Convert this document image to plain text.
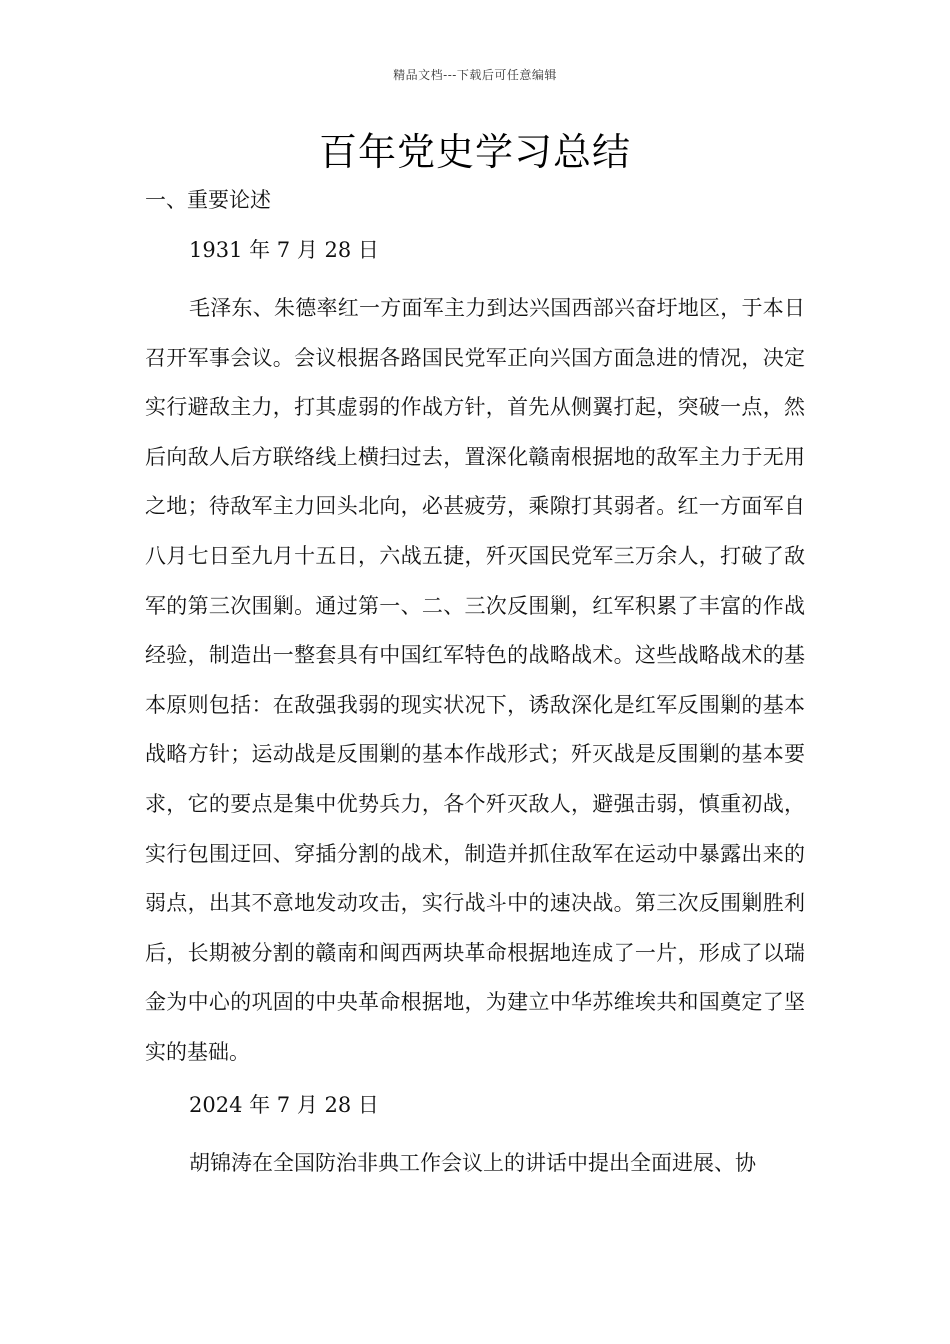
精品文档---下载后可任意编辑
百年党史学习总结
一、重要论述

1931 年 7 月 28 日

毛泽东、朱德率红一方面军主力到达兴国西部兴奋圩地区，于本日召开军事会议。会议根据各路国民党军正向兴国方面急进的情况，决定实行避敌主力，打其虚弱的作战方针，首先从侧翼打起，突破一点，然后向敌人后方联络线上横扫过去，置深化赣南根据地的敌军主力于无用之地；待敌军主力回头北向，必甚疲劳，乘隙打其弱者。红一方面军自八月七日至九月十五日，六战五捷，歼灭国民党军三万余人，打破了敌军的第三次围剿。通过第一、二、三次反围剿，红军积累了丰富的作战经验，制造出一整套具有中国红军特色的战略战术。这些战略战术的基本原则包括：在敌强我弱的现实状况下，诱敌深化是红军反围剿的基本战略方针；运动战是反围剿的基本作战形式；歼灭战是反围剿的基本要求，它的要点是集中优势兵力，各个歼灭敌人，避强击弱，慎重初战，实行包围迂回、穿插分割的战术，制造并抓住敌军在运动中暴露出来的弱点，出其不意地发动攻击，实行战斗中的速决战。第三次反围剿胜利后，长期被分割的赣南和闽西两块革命根据地连成了一片，形成了以瑞金为中心的巩固的中央革命根据地，为建立中华苏维埃共和国奠定了坚实的基础。

2024 年 7 月 28 日

胡锦涛在全国防治非典工作会议上的讲话中提出全面进展、协
